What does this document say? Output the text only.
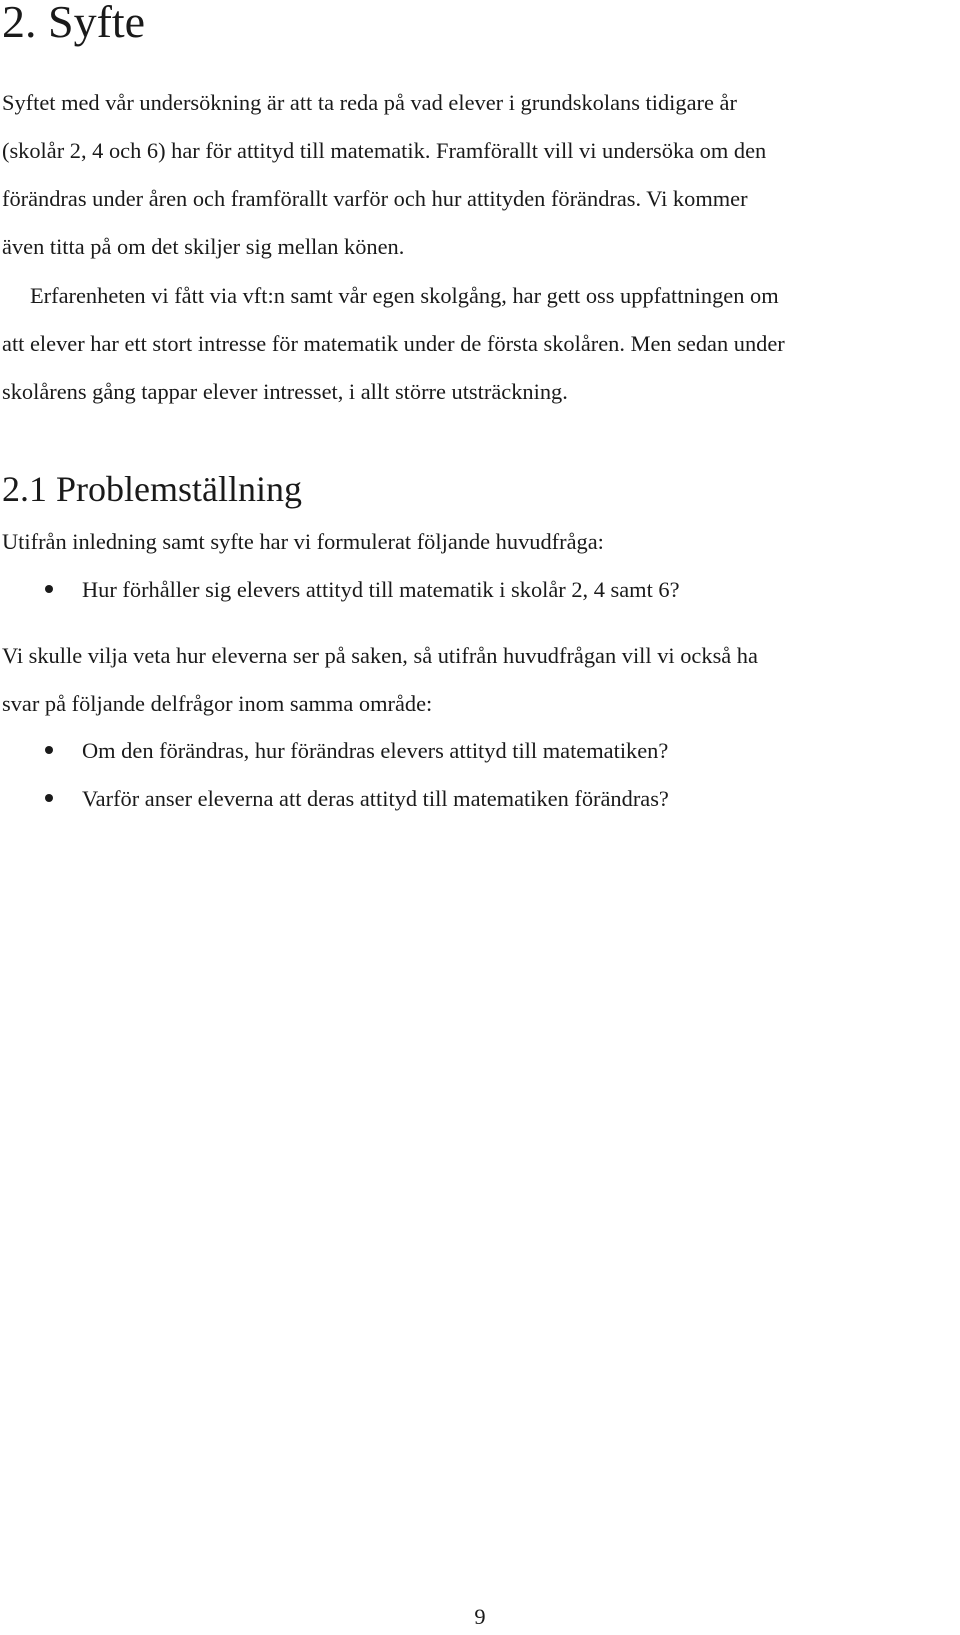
2. Syfte

Syftet med vår undersökning är att ta reda på vad elever i grundskolans tidigare år
(skolår 2, 4 och 6) har för attityd till matematik. Framförallt vill vi undersöka om den
förändras under åren och framförallt varför och hur attityden förändras. Vi kommer
även titta på om det skiljer sig mellan könen.

Erfarenheten vi fått via vft:n samt vår egen skolgång, har gett oss uppfattningen om
att elever har ett stort intresse för matematik under de första skolåren. Men sedan under
skolårens gång tappar elever intresset, i allt större utsträckning.

2.1 Problemställning

Utifrån inledning samt syfte har vi formulerat följande huvudfråga:

Hur förhåller sig elevers attityd till matematik i skolår 2, 4 samt 6?

Vi skulle vilja veta hur eleverna ser på saken, så utifrån huvudfrågan vill vi också ha
svar på följande delfrågor inom samma område:

Om den förändras, hur förändras elevers attityd till matematiken?
Varför anser eleverna att deras attityd till matematiken förändras?
9
